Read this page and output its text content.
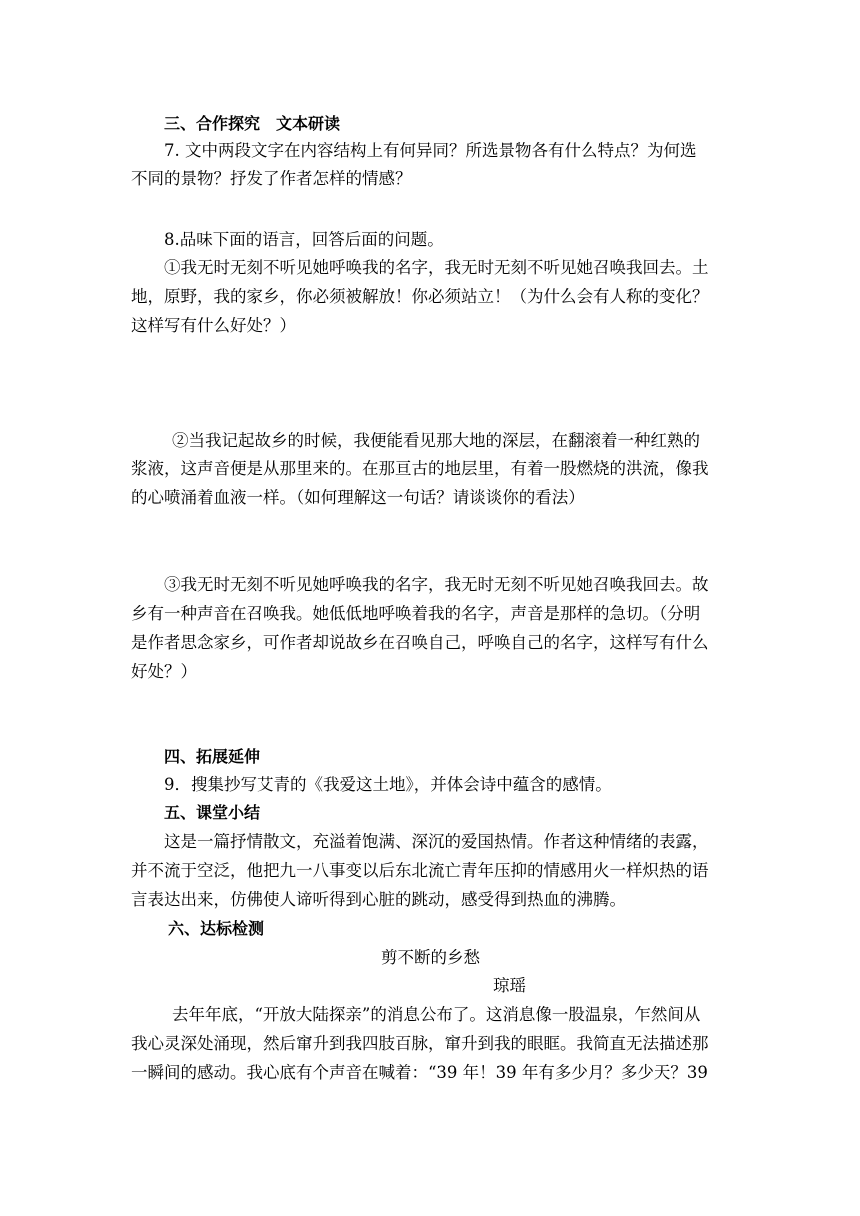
三、合作探究　文本研读
7. 文中两段文字在内容结构上有何异同？所选景物各有什么特点？为何选
不同的景物？抒发了作者怎样的情感？
8.品味下面的语言，回答后面的问题。
①我无时无刻不听见她呼唤我的名字，我无时无刻不听见她召唤我回去。土
地，原野，我的家乡，你必须被解放！你必须站立！（为什么会有人称的变化？
这样写有什么好处？）
②当我记起故乡的时候，我便能看见那大地的深层，在翻滚着一种红熟的
浆液，这声音便是从那里来的。在那亘古的地层里，有着一股燃烧的洪流，像我
的心喷涌着血液一样。（如何理解这一句话？请谈谈你的看法）
③我无时无刻不听见她呼唤我的名字，我无时无刻不听见她召唤我回去。故
乡有一种声音在召唤我。她低低地呼唤着我的名字，声音是那样的急切。（分明
是作者思念家乡，可作者却说故乡在召唤自己，呼唤自己的名字，这样写有什么
好处？）
四、拓展延伸
9．搜集抄写艾青的《我爱这土地》，并体会诗中蕴含的感情。
五、课堂小结
这是一篇抒情散文，充溢着饱满、深沉的爱国热情。作者这种情绪的表露，
并不流于空泛，他把九一八事变以后东北流亡青年压抑的情感用火一样炽热的语
言表达出来，仿佛使人谛听得到心脏的跳动，感受得到热血的沸腾。
六、达标检测
剪不断的乡愁
琼瑶
去年年底，“开放大陆探亲”的消息公布了。这消息像一股温泉，乍然间从
我心灵深处涌现，然后窜升到我四肢百脉，窜升到我的眼眶。我简直无法描述那
一瞬间的感动。我心底有个声音在喊着：“39 年！39 年有多少月？多少天？39
